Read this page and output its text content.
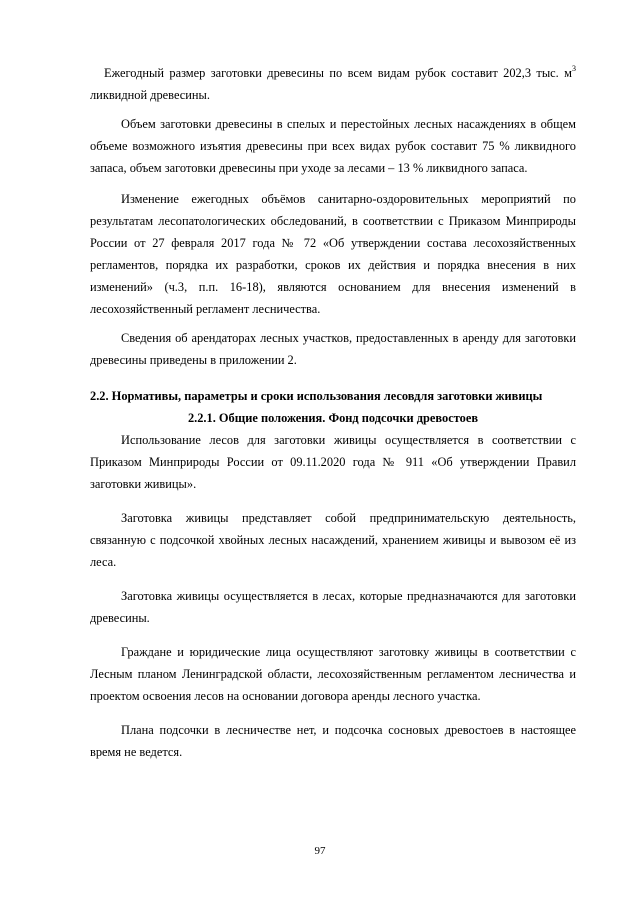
Ежегодный размер заготовки древесины по всем видам рубок составит 202,3 тыс. $м^3$ ликвидной древесины.

Объем заготовки древесины в спелых и перестойных лесных насаждениях в общем объеме возможного изъятия древесины при всех видах рубок составит 75 % ликвидного запаса, объем заготовки древесины при уходе за лесами – 13 % ликвидного запаса.

Изменение ежегодных объёмов санитарно-оздоровительных мероприятий по результатам лесопатологических обследований, в соответствии с Приказом Минприроды России от 27 февраля 2017 года № 72 «Об утверждении состава лесохозяйственных регламентов, порядка их разработки, сроков их действия и порядка внесения в них изменений» (ч.3, п.п. 16-18), являются основанием для внесения изменений в лесохозяйственный регламент лесничества.

Сведения об арендаторах лесных участков, предоставленных в аренду для заготовки древесины приведены в приложении 2.

2.2. Нормативы, параметры и сроки использования лесовдля заготовки живицы
2.2.1. Общие положения. Фонд подсочки древостоев

Использование лесов для заготовки живицы осуществляется в соответствии с Приказом Минприроды России от 09.11.2020 года № 911 «Об утверждении Правил заготовки живицы».

Заготовка живицы представляет собой предпринимательскую деятельность, связанную с подсочкой хвойных лесных насаждений, хранением живицы и вывозом её из леса.

Заготовка живицы осуществляется в лесах, которые предназначаются для заготовки древесины.

Граждане и юридические лица осуществляют заготовку живицы в соответствии с Лесным планом Ленинградской области, лесохозяйственным регламентом лесничества и проектом освоения лесов на основании договора аренды лесного участка.

Плана подсочки в лесничестве нет, и подсочка сосновых древостоев в настоящее время не ведется.

97
